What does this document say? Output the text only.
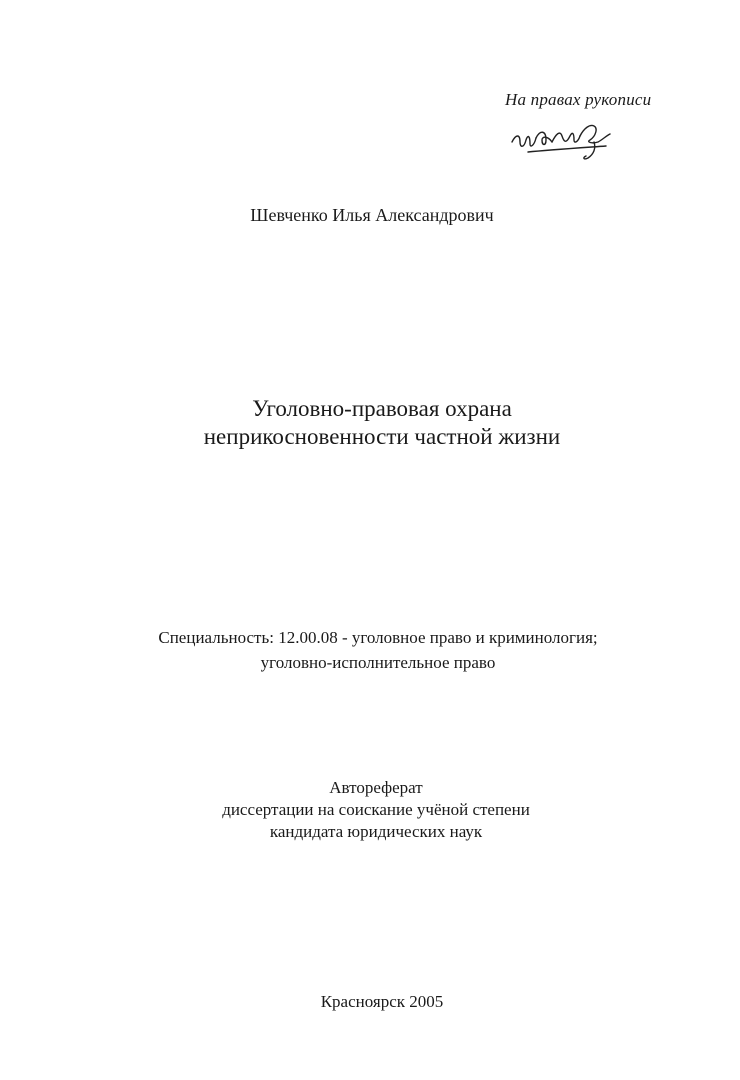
На правах рукописи
Шевченко Илья Александрович
Уголовно-правовая охрана
неприкосновенности частной жизни
Специальность: 12.00.08 - уголовное право и криминология;
уголовно-исполнительное право
Автореферат
диссертации на соискание учёной степени
кандидата юридических наук
Красноярск 2005
